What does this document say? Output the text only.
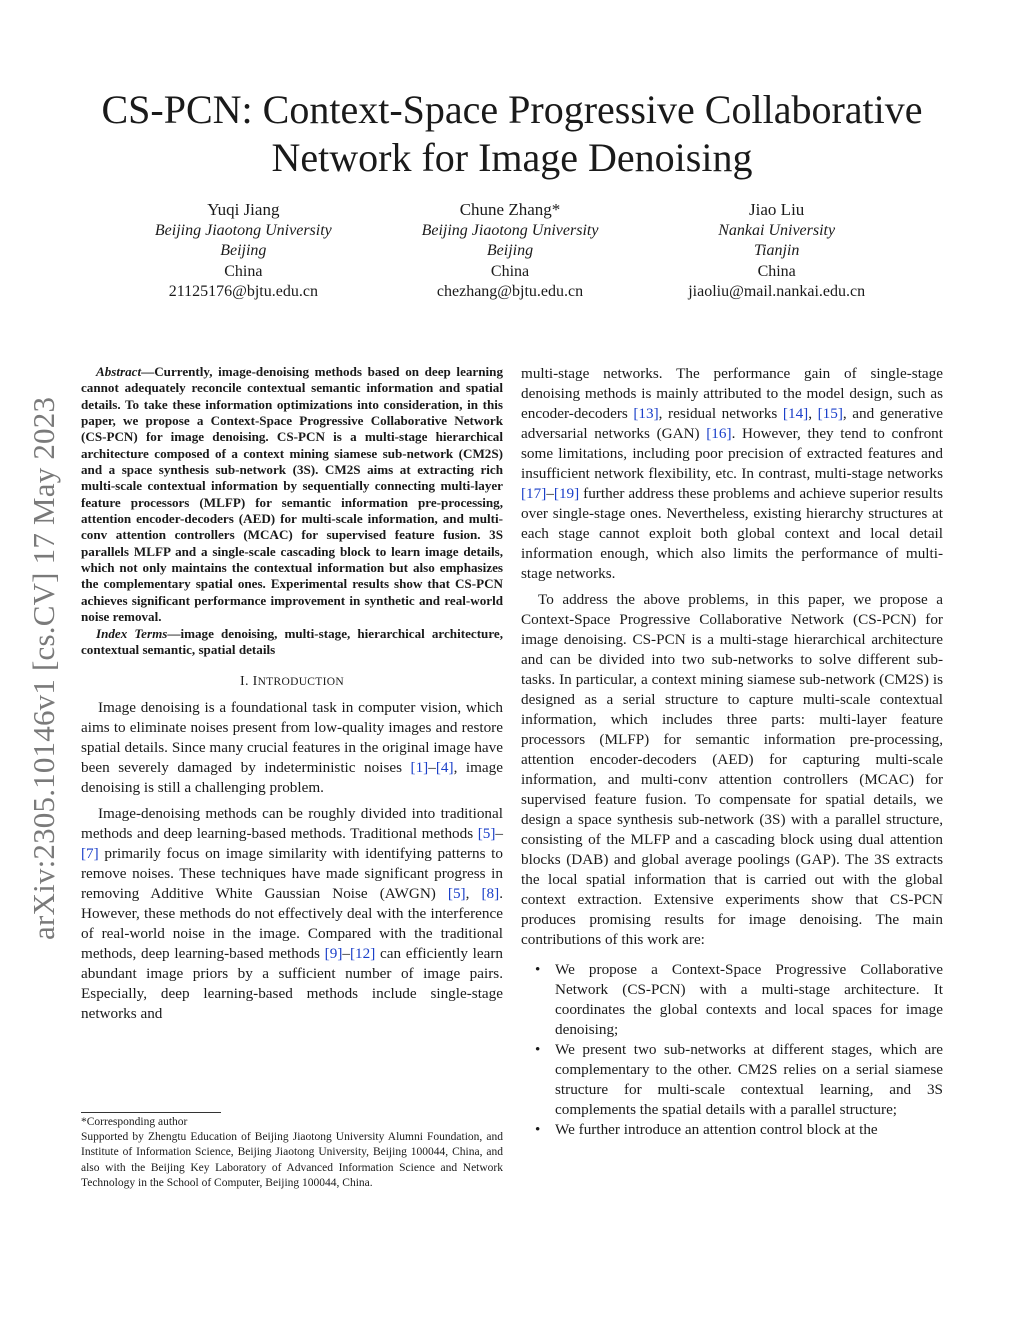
arXiv:2305.10146v1 [cs.CV] 17 May 2023
CS-PCN: Context-Space Progressive Collaborative
Network for Image Denoising
Yuqi Jiang
Beijing Jiaotong University
Beijing
China
21125176@bjtu.edu.cn
Chune Zhang*
Beijing Jiaotong University
Beijing
China
chezhang@bjtu.edu.cn
Jiao Liu
Nankai University
Tianjin
China
jiaoliu@mail.nankai.edu.cn

Abstract—Currently, image-denoising methods based on deep learning cannot adequately reconcile contextual semantic information and spatial details. To take these information optimizations into consideration, in this paper, we propose a Context-Space Progressive Collaborative Network (CS-PCN) for image denoising. CS-PCN is a multi-stage hierarchical architecture composed of a context mining siamese sub-network (CM2S) and a space synthesis sub-network (3S). CM2S aims at extracting rich multi-scale contextual information by sequentially connecting multi-layer feature processors (MLFP) for semantic information pre-processing, attention encoder-decoders (AED) for multi-scale information, and multi-conv attention controllers (MCAC) for supervised feature fusion. 3S parallels MLFP and a single-scale cascading block to learn image details, which not only maintains the contextual information but also emphasizes the complementary spatial ones. Experimental results show that CS-PCN achieves significant performance improvement in synthetic and real-world noise removal.

Index Terms—image denoising, multi-stage, hierarchical architecture, contextual semantic, spatial details

I. INTRODUCTION

Image denoising is a foundational task in computer vision, which aims to eliminate noises present from low-quality images and restore spatial details. Since many crucial features in the original image have been severely damaged by indeterministic noises [1]–[4], image denoising is still a challenging problem.

Image-denoising methods can be roughly divided into traditional methods and deep learning-based methods. Traditional methods [5]–[7] primarily focus on image similarity with identifying patterns to remove noises. These techniques have made significant progress in removing Additive White Gaussian Noise (AWGN) [5], [8]. However, these methods do not effectively deal with the interference of real-world noise in the image. Compared with the traditional methods, deep learning-based methods [9]–[12] can efficiently learn abundant image priors by a sufficient number of image pairs. Especially, deep learning-based methods include single-stage networks and

*Corresponding author
Supported by Zhengtu Education of Beijing Jiaotong University Alumni Foundation, and Institute of Information Science, Beijing Jiaotong University, Beijing 100044, China, and also with the Beijing Key Laboratory of Advanced Information Science and Network Technology in the School of Computer, Beijing 100044, China.

multi-stage networks. The performance gain of single-stage denoising methods is mainly attributed to the model design, such as encoder-decoders [13], residual networks [14], [15], and generative adversarial networks (GAN) [16]. However, they tend to confront some limitations, including poor precision of extracted features and insufficient network flexibility, etc. In contrast, multi-stage networks [17]–[19] further address these problems and achieve superior results over single-stage ones. Nevertheless, existing hierarchy structures at each stage cannot exploit both global context and local detail information enough, which also limits the performance of multi-stage networks.

To address the above problems, in this paper, we propose a Context-Space Progressive Collaborative Network (CS-PCN) for image denoising. CS-PCN is a multi-stage hierarchical architecture and can be divided into two sub-networks to solve different sub-tasks. In particular, a context mining siamese sub-network (CM2S) is designed as a serial structure to capture multi-scale contextual information, which includes three parts: multi-layer feature processors (MLFP) for semantic information pre-processing, attention encoder-decoders (AED) for capturing multi-scale information, and multi-conv attention controllers (MCAC) for supervised feature fusion. To compensate for spatial details, we design a space synthesis sub-network (3S) with a parallel structure, consisting of the MLFP and a cascading block using dual attention blocks (DAB) and global average poolings (GAP). The 3S extracts the local spatial information that is carried out with the global context extraction. Extensive experiments show that CS-PCN produces promising results for image denoising. The main contributions of this work are:

• We propose a Context-Space Progressive Collaborative Network (CS-PCN) with a multi-stage architecture. It coordinates the global contexts and local spaces for image denoising;
• We present two sub-networks at different stages, which are complementary to the other. CM2S relies on a serial siamese structure for multi-scale contextual learning, and 3S complements the spatial details with a parallel structure;
• We further introduce an attention control block at the
